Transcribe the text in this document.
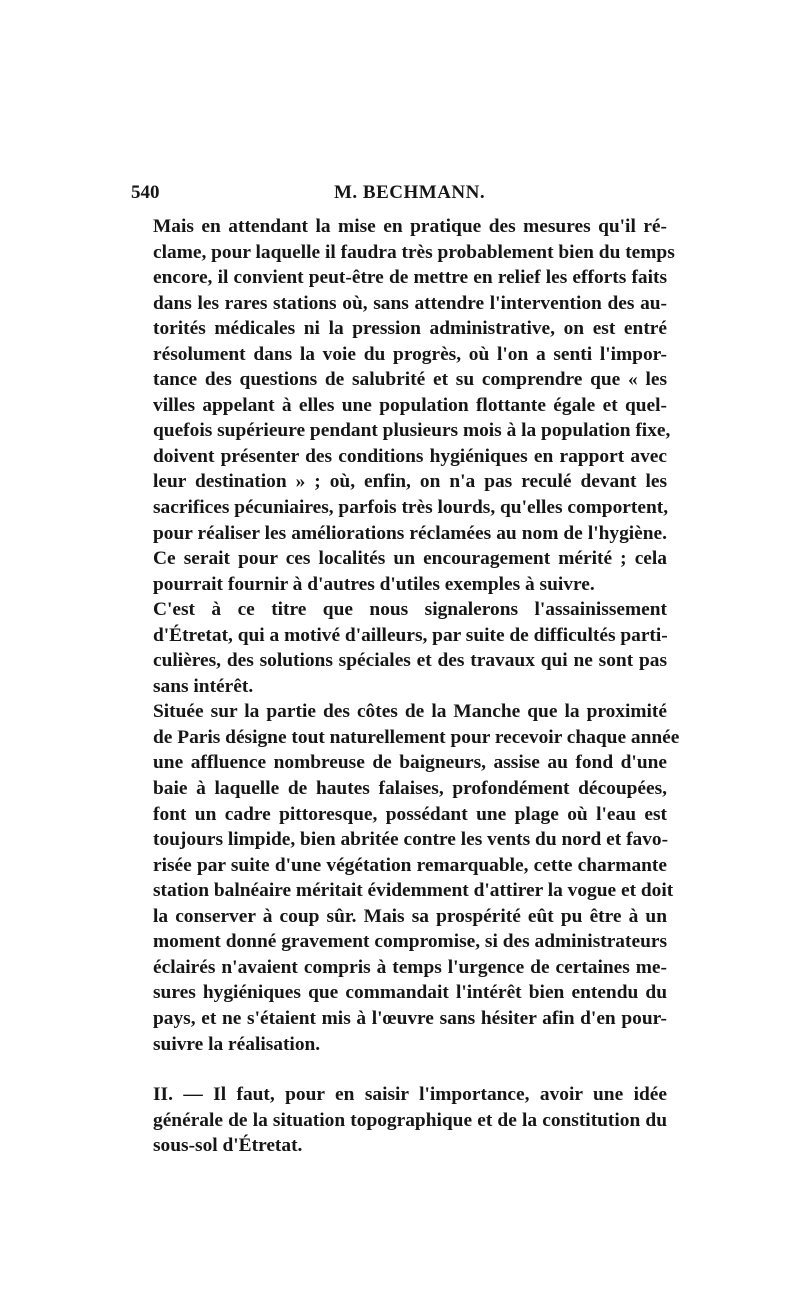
540	M. BECHMANN.

Mais en attendant la mise en pratique des mesures qu'il ré-
clame, pour laquelle il faudra très probablement bien du temps
encore, il convient peut-être de mettre en relief les efforts faits
dans les rares stations où, sans attendre l'intervention des au-
torités médicales ni la pression administrative, on est entré
résolument dans la voie du progrès, où l'on a senti l'impor-
tance des questions de salubrité et su comprendre que « les
villes appelant à elles une population flottante égale et quel-
quefois supérieure pendant plusieurs mois à la population fixe,
doivent présenter des conditions hygiéniques en rapport avec
leur destination » ; où, enfin, on n'a pas reculé devant les
sacrifices pécuniaires, parfois très lourds, qu'elles comportent,
pour réaliser les améliorations réclamées au nom de l'hygiène.
Ce serait pour ces localités un encouragement mérité ; cela
pourrait fournir à d'autres d'utiles exemples à suivre.

C'est à ce titre que nous signalerons l'assainissement
d'Étretat, qui a motivé d'ailleurs, par suite de difficultés parti-
culières, des solutions spéciales et des travaux qui ne sont pas
sans intérêt.

Située sur la partie des côtes de la Manche que la proximité
de Paris désigne tout naturellement pour recevoir chaque année
une affluence nombreuse de baigneurs, assise au fond d'une
baie à laquelle de hautes falaises, profondément découpées,
font un cadre pittoresque, possédant une plage où l'eau est
toujours limpide, bien abritée contre les vents du nord et favo-
risée par suite d'une végétation remarquable, cette charmante
station balnéaire méritait évidemment d'attirer la vogue et doit
la conserver à coup sûr. Mais sa prospérité eût pu être à un
moment donné gravement compromise, si des administrateurs
éclairés n'avaient compris à temps l'urgence de certaines me-
sures hygiéniques que commandait l'intérêt bien entendu du
pays, et ne s'étaient mis à l'œuvre sans hésiter afin d'en pour-
suivre la réalisation.

II. — Il faut, pour en saisir l'importance, avoir une idée
générale de la situation topographique et de la constitution du
sous-sol d'Étretat.
